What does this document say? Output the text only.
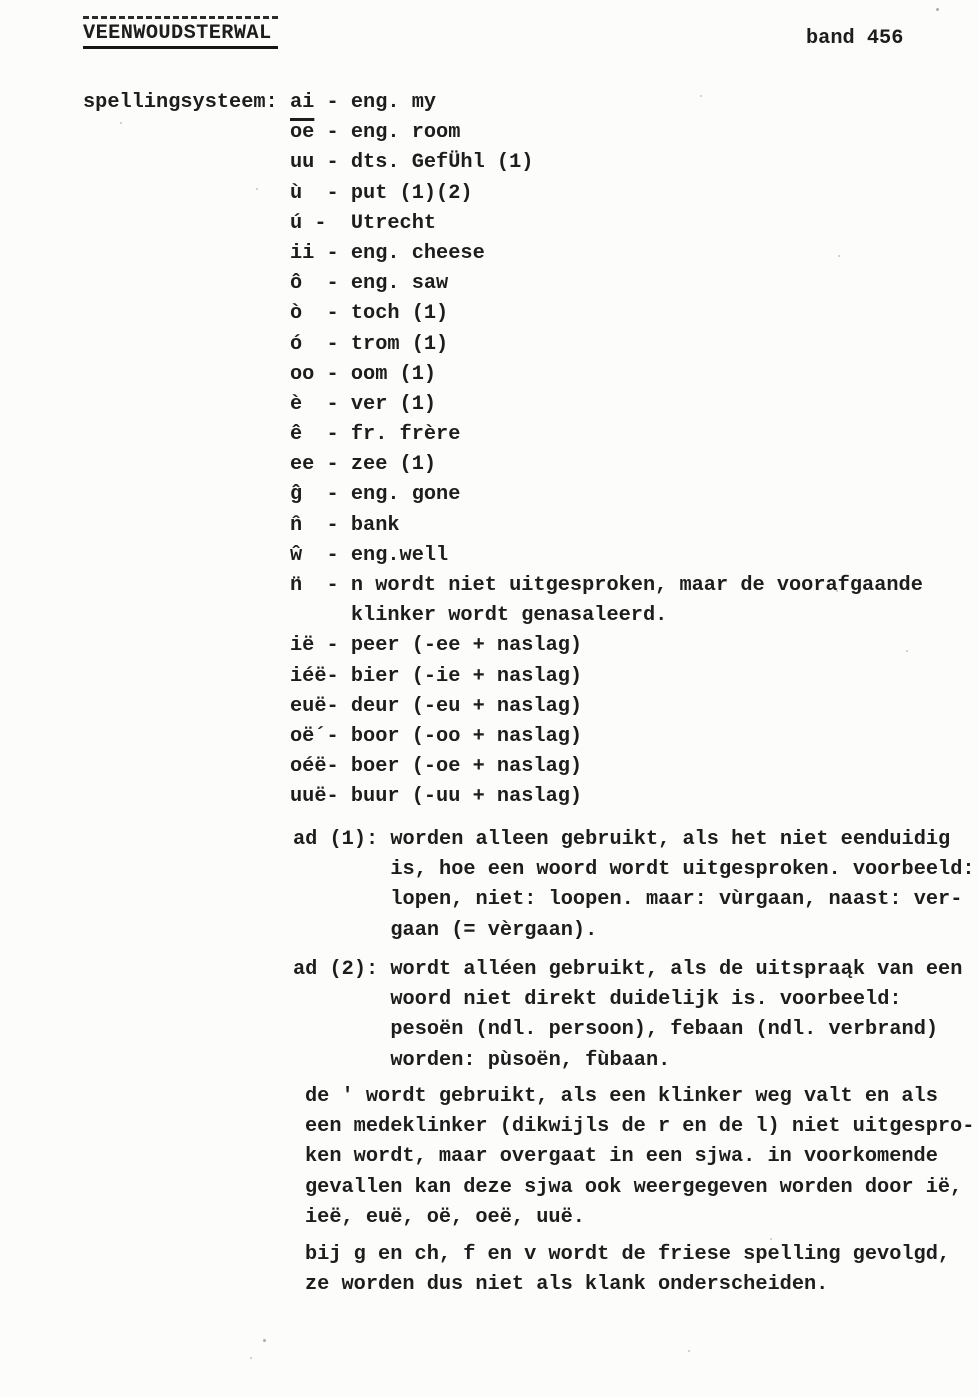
VEENWOUDSTERWAL	band 456
spellingsysteem: ai - eng. my
$\overline{oe}$ - eng. room
uu - dts. GefÜhl (1)
ù  - put (1)(2)
ú -  Utrecht
ii - eng. cheese
ô  - eng. saw
ò  - toch (1)
ó  - trom (1)
oo - oom (1)
è  - ver (1)
ê  - fr. frère
ee - zee (1)
ĝ  - eng. gone
n̂  - bank
ŵ  - eng.well
n̈  - n wordt niet uitgesproken, maar de voorafgaande
klinker wordt genasaleerd.
ië - peer (-ee + naslag)
iéë- bier (-ie + naslag)
euë- deur (-eu + naslag)
oë´- boor (-oo + naslag)
oéë- boer (-oe + naslag)
uuë- buur (-uu + naslag)
ad (1): worden alleen gebruikt, als het niet eenduidig
is, hoe een woord wordt uitgesproken. voorbeeld:
lopen, niet: loopen. maar: vùrgaan, naast: ver-
gaan (= vèrgaan).
ad (2): wordt alléen gebruikt, als de uitspraąk van een
woord niet direkt duidelijk is. voorbeeld:
pesoën (ndl. persoon), febaan (ndl. verbrand)
worden: pùsoën, fùbaan.
de ' wordt gebruikt, als een klinker weg valt en als
een medeklinker (dikwijls de r en de l) niet uitgespro-
ken wordt, maar overgaat in een sjwa. in voorkomende
gevallen kan deze sjwa ook weergegeven worden door ië,
ieë, euë, oë, oeë, uuë.
bij g en ch, f en v wordt de friese spelling gevolgd,
ze worden dus niet als klank onderscheiden.
